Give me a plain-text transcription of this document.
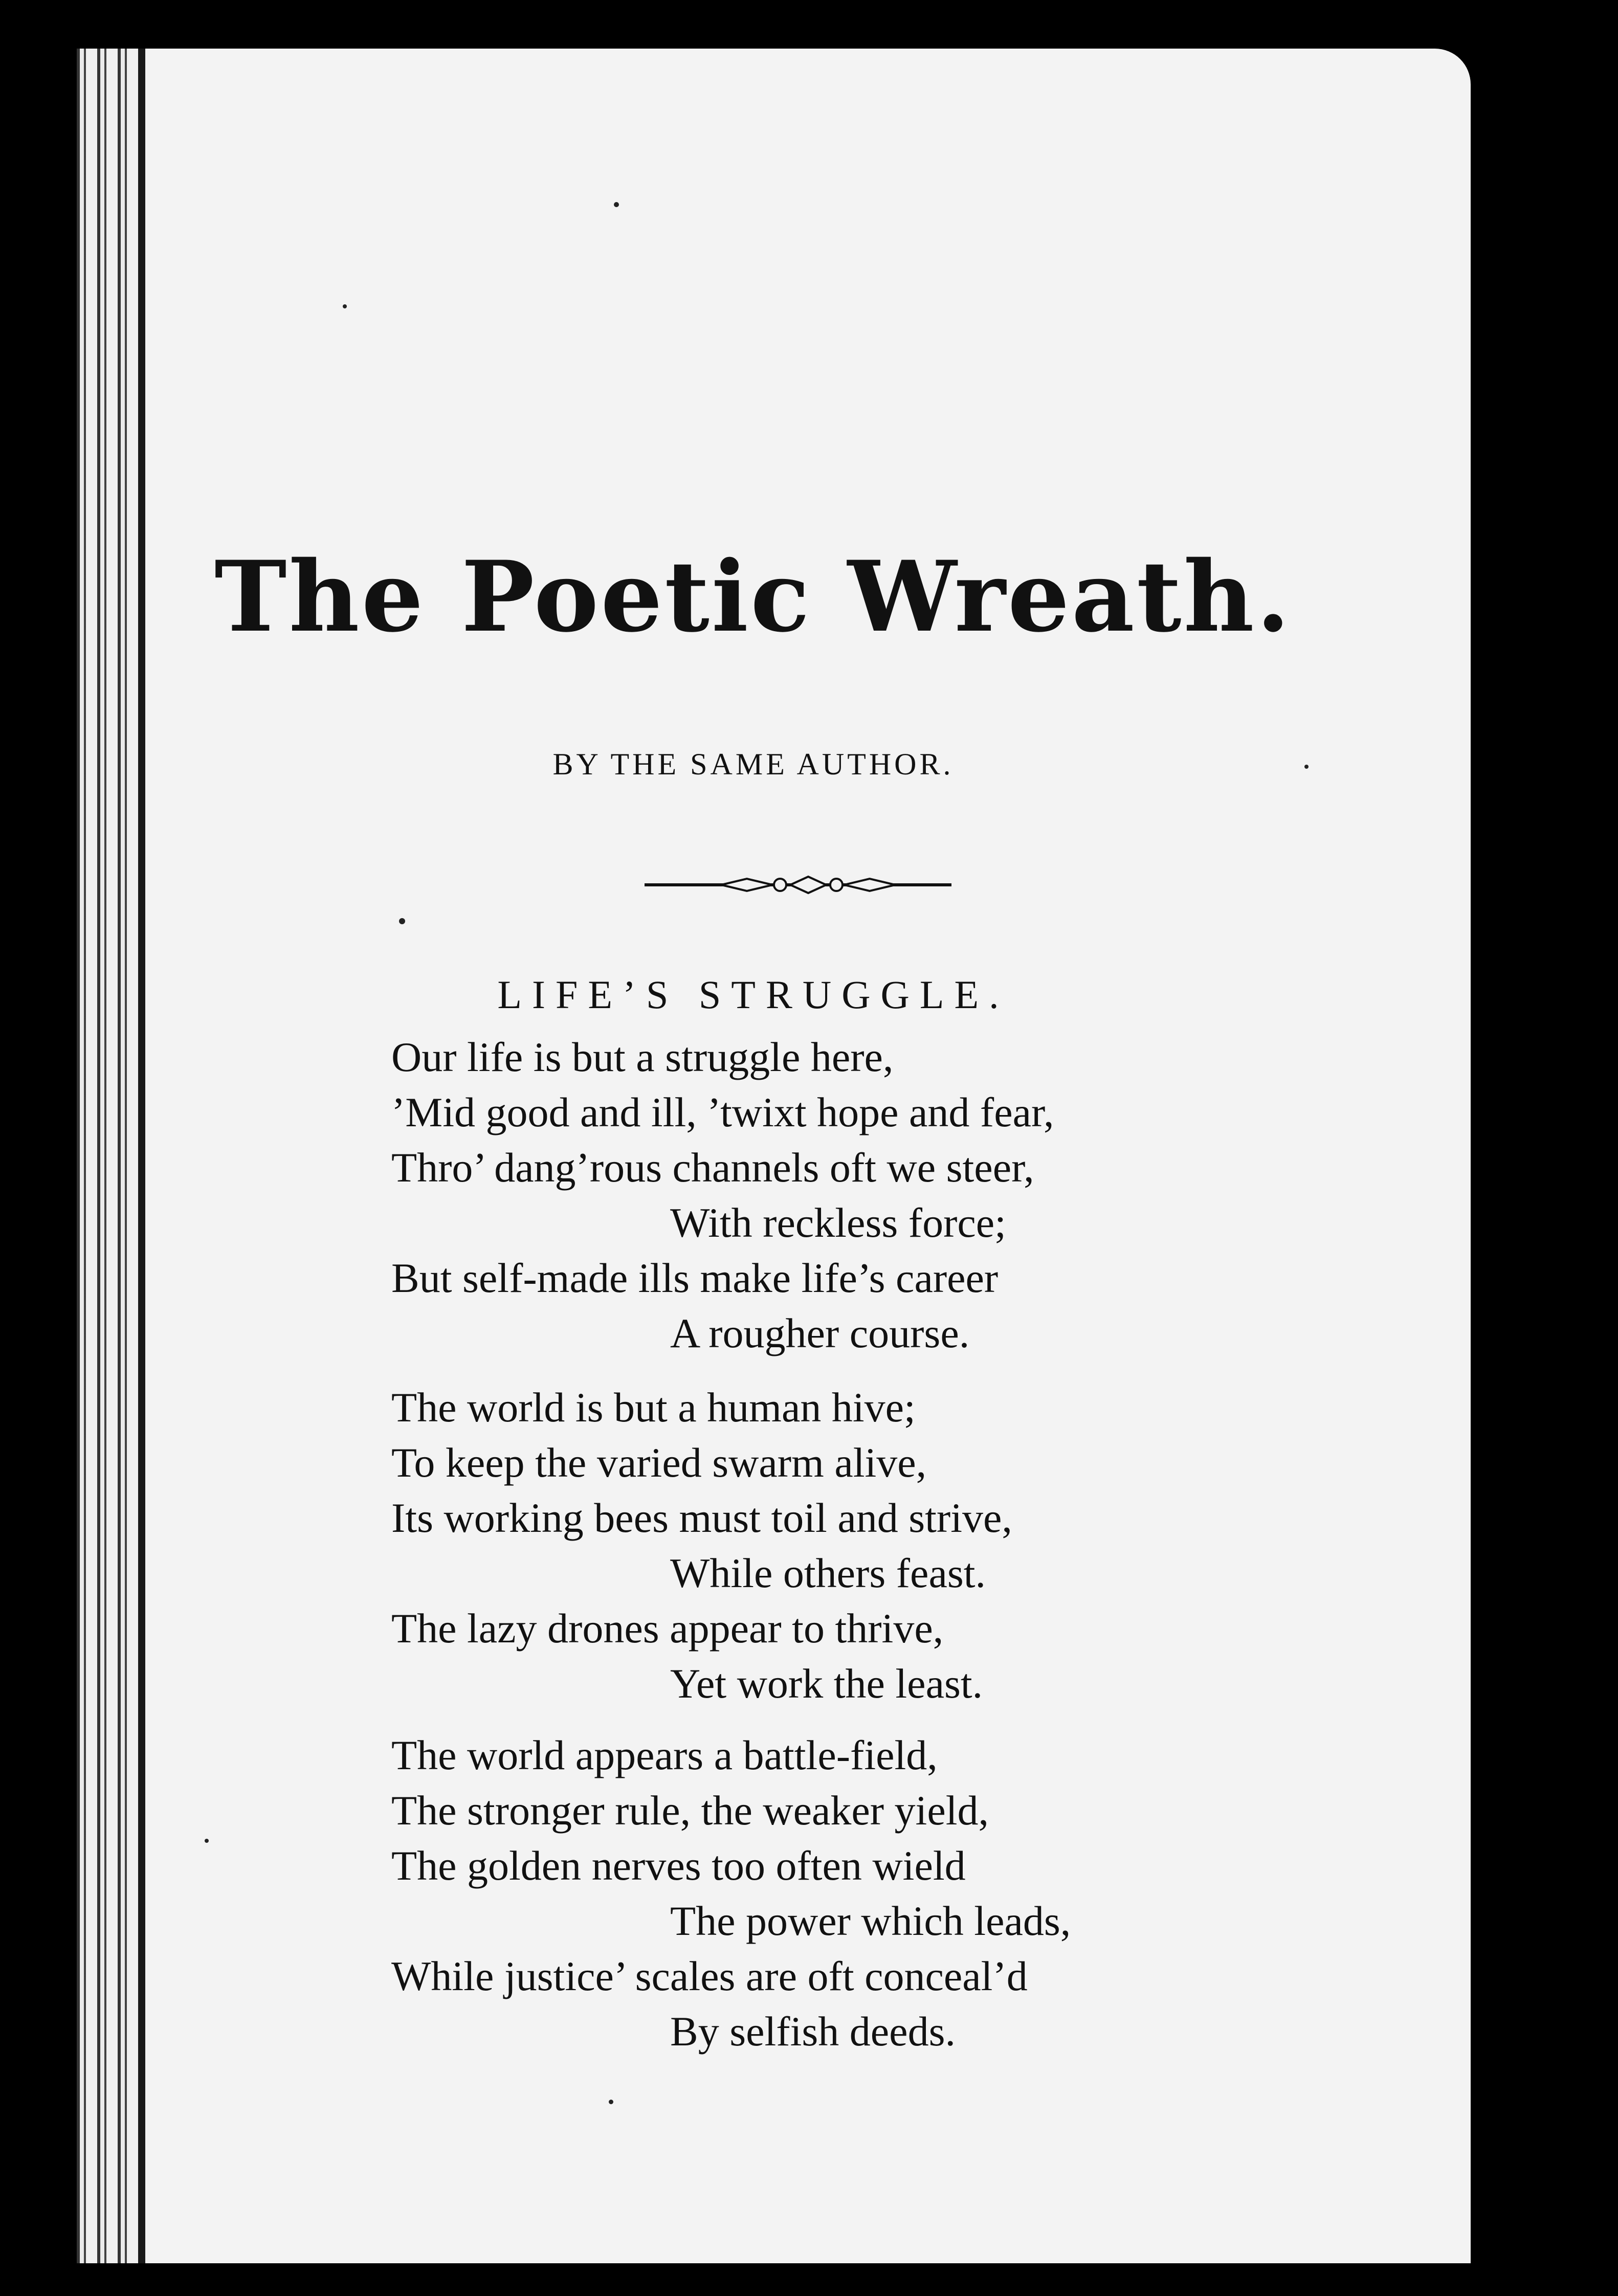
The Poetic Wreath.
BY THE SAME AUTHOR.
LIFE’S STRUGGLE.
Our life is but a struggle here,
’Mid good and ill, ’twixt hope and fear,
Thro’ dang’rous channels oft we steer,
With reckless force;
But self-made ills make life’s career
A rougher course.
The world is but a human hive;
To keep the varied swarm alive,
Its working bees must toil and strive,
While others feast.
The lazy drones appear to thrive,
Yet work the least.
The world appears a battle-field,
The stronger rule, the weaker yield,
The golden nerves too often wield
The power which leads,
While justice’ scales are oft conceal’d
By selfish deeds.
